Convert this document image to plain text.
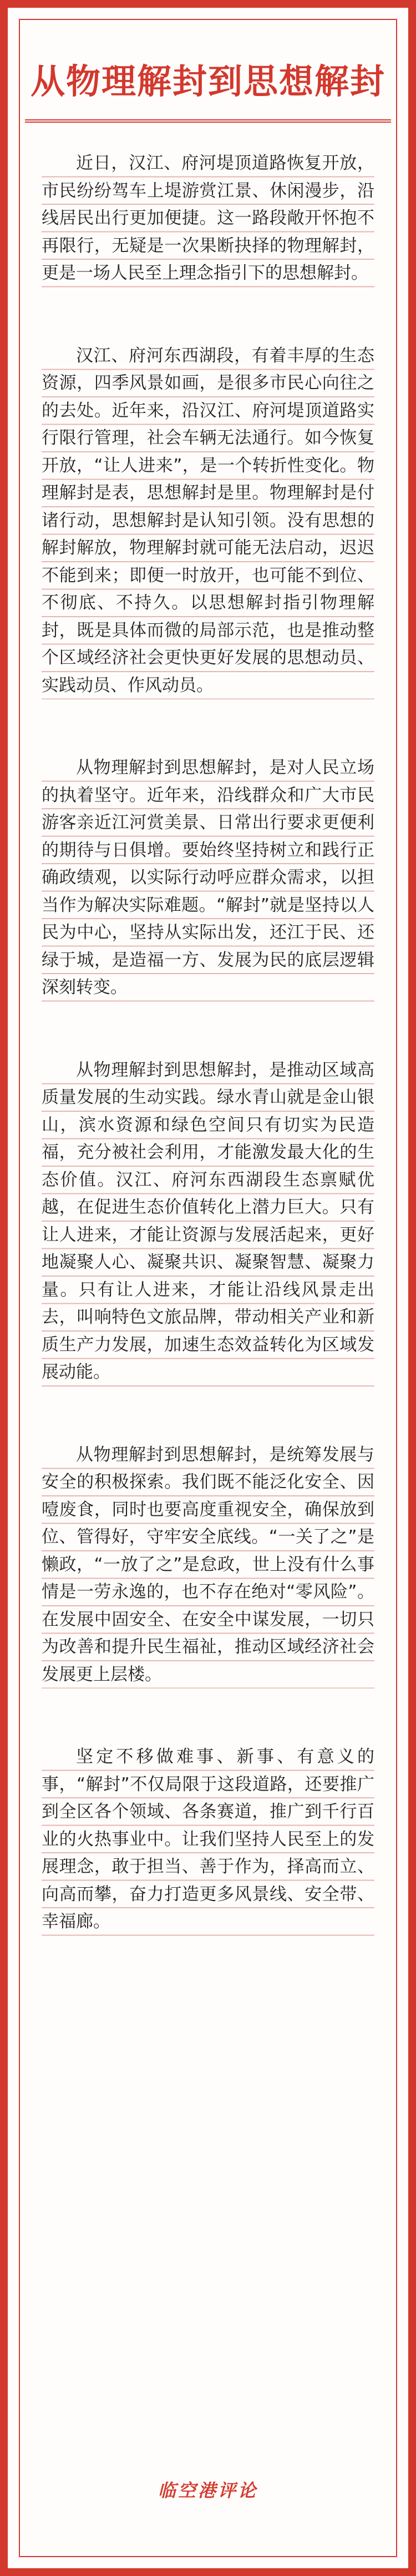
从物理解封到思想解封

近日，汉江、府河堤顶道路恢复开放，市民纷纷驾车上堤游赏江景、休闲漫步，沿线居民出行更加便捷。这一路段敞开怀抱不再限行，无疑是一次果断抉择的物理解封，更是一场人民至上理念指引下的思想解封。

汉江、府河东西湖段，有着丰厚的生态资源，四季风景如画，是很多市民心向往之的去处。近年来，沿汉江、府河堤顶道路实行限行管理，社会车辆无法通行。如今恢复开放，“让人进来”，是一个转折性变化。物理解封是表，思想解封是里。物理解封是付诸行动，思想解封是认知引领。没有思想的解封解放，物理解封就可能无法启动，迟迟不能到来；即便一时放开，也可能不到位、不彻底、不持久。以思想解封指引物理解封，既是具体而微的局部示范，也是推动整个区域经济社会更快更好发展的思想动员、实践动员、作风动员。

从物理解封到思想解封，是对人民立场的执着坚守。近年来，沿线群众和广大市民游客亲近江河赏美景、日常出行要求更便利的期待与日俱增。要始终坚持树立和践行正确政绩观，以实际行动呼应群众需求，以担当作为解决实际难题。“解封”就是坚持以人民为中心，坚持从实际出发，还江于民、还绿于城，是造福一方、发展为民的底层逻辑深刻转变。

从物理解封到思想解封，是推动区域高质量发展的生动实践。绿水青山就是金山银山，滨水资源和绿色空间只有切实为民造福，充分被社会利用，才能激发最大化的生态价值。汉江、府河东西湖段生态禀赋优越，在促进生态价值转化上潜力巨大。只有让人进来，才能让资源与发展活起来，更好地凝聚人心、凝聚共识、凝聚智慧、凝聚力量。只有让人进来，才能让沿线风景走出去，叫响特色文旅品牌，带动相关产业和新质生产力发展，加速生态效益转化为区域发展动能。

从物理解封到思想解封，是统筹发展与安全的积极探索。我们既不能泛化安全、因噎废食，同时也要高度重视安全，确保放到位、管得好，守牢安全底线。“一关了之”是懒政，“一放了之”是怠政，世上没有什么事情是一劳永逸的，也不存在绝对“零风险”。在发展中固安全、在安全中谋发展，一切只为改善和提升民生福祉，推动区域经济社会发展更上层楼。

坚定不移做难事、新事、有意义的事，“解封”不仅局限于这段道路，还要推广到全区各个领域、各条赛道，推广到千行百业的火热事业中。让我们坚持人民至上的发展理念，敢于担当、善于作为，择高而立、向高而攀，奋力打造更多风景线、安全带、幸福廊。

临空港评论
